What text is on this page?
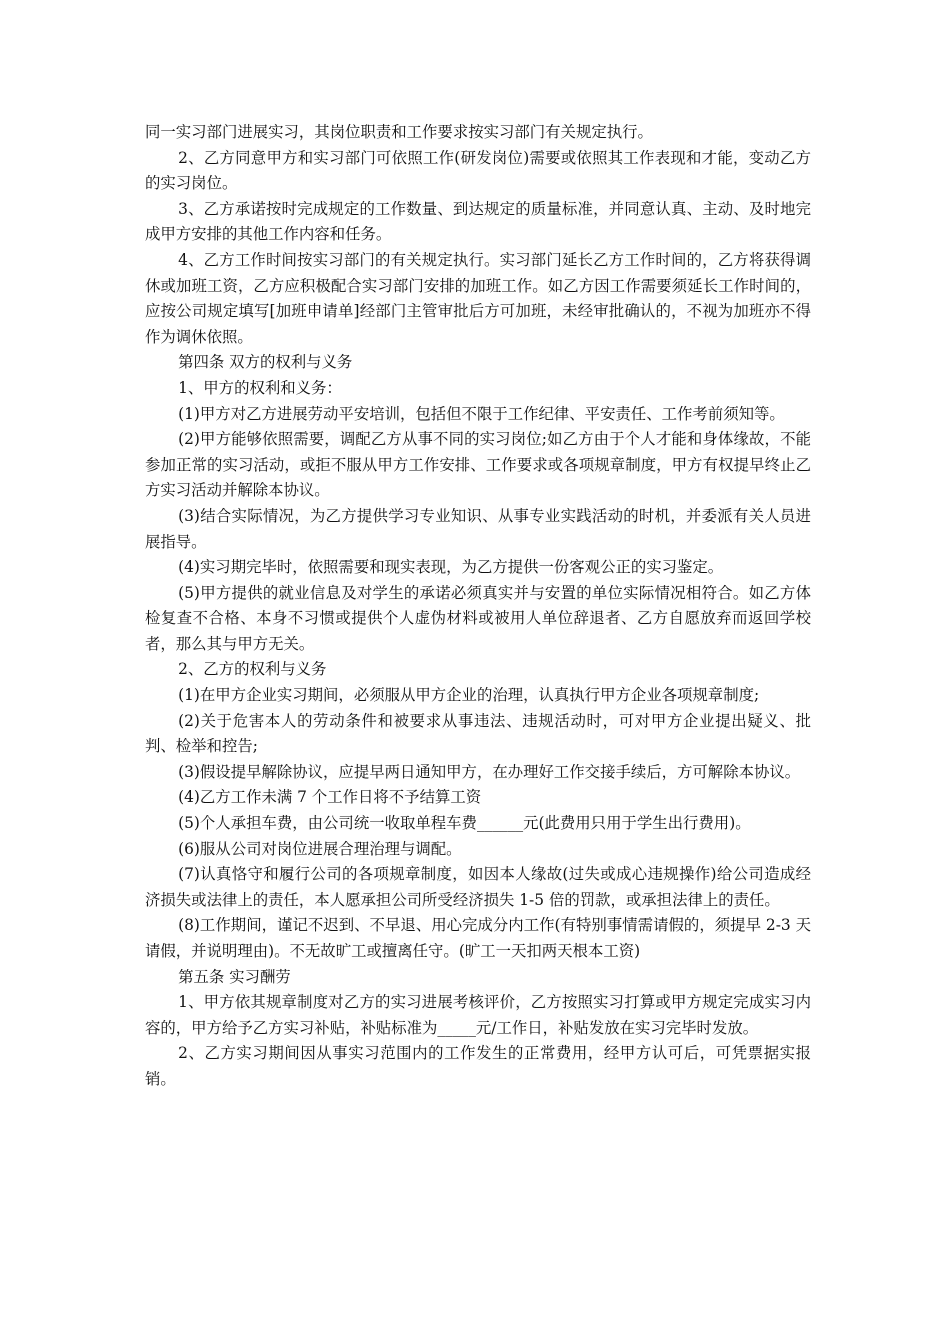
同一实习部门进展实习，其岗位职责和工作要求按实习部门有关规定执行。

2、乙方同意甲方和实习部门可依照工作(研发岗位)需要或依照其工作表现和才能，变动乙方的实习岗位。

3、乙方承诺按时完成规定的工作数量、到达规定的质量标准，并同意认真、主动、及时地完成甲方安排的其他工作内容和任务。

4、乙方工作时间按实习部门的有关规定执行。实习部门延长乙方工作时间的，乙方将获得调休或加班工资，乙方应积极配合实习部门安排的加班工作。如乙方因工作需要须延长工作时间的，应按公司规定填写[加班申请单]经部门主管审批后方可加班，未经审批确认的，不视为加班亦不得作为调休依照。

第四条 双方的权利与义务

1、甲方的权利和义务：

(1)甲方对乙方进展劳动平安培训，包括但不限于工作纪律、平安责任、工作考前须知等。

(2)甲方能够依照需要，调配乙方从事不同的实习岗位;如乙方由于个人才能和身体缘故，不能参加正常的实习活动，或拒不服从甲方工作安排、工作要求或各项规章制度，甲方有权提早终止乙方实习活动并解除本协议。

(3)结合实际情况，为乙方提供学习专业知识、从事专业实践活动的时机，并委派有关人员进展指导。

(4)实习期完毕时，依照需要和现实表现，为乙方提供一份客观公正的实习鉴定。

(5)甲方提供的就业信息及对学生的承诺必须真实并与安置的单位实际情况相符合。如乙方体检复查不合格、本身不习惯或提供个人虚伪材料或被用人单位辞退者、乙方自愿放弃而返回学校者，那么其与甲方无关。

2、乙方的权利与义务

(1)在甲方企业实习期间，必须服从甲方企业的治理，认真执行甲方企业各项规章制度;

(2)关于危害本人的劳动条件和被要求从事违法、违规活动时，可对甲方企业提出疑义、批判、检举和控告;

(3)假设提早解除协议，应提早两日通知甲方，在办理好工作交接手续后，方可解除本协议。

(4)乙方工作未满 7 个工作日将不予结算工资

(5)个人承担车费，由公司统一收取单程车费______元(此费用只用于学生出行费用)。

(6)服从公司对岗位进展合理治理与调配。

(7)认真恪守和履行公司的各项规章制度，如因本人缘故(过失或成心违规操作)给公司造成经济损失或法律上的责任，本人愿承担公司所受经济损失 1-5 倍的罚款，或承担法律上的责任。

(8)工作期间，谨记不迟到、不早退、用心完成分内工作(有特别事情需请假的，须提早 2-3 天请假，并说明理由)。不无故旷工或擅离任守。(旷工一天扣两天根本工资)

第五条 实习酬劳

1、甲方依其规章制度对乙方的实习进展考核评价，乙方按照实习打算或甲方规定完成实习内容的，甲方给予乙方实习补贴，补贴标准为_____元/工作日，补贴发放在实习完毕时发放。

2、乙方实习期间因从事实习范围内的工作发生的正常费用，经甲方认可后，可凭票据实报销。
